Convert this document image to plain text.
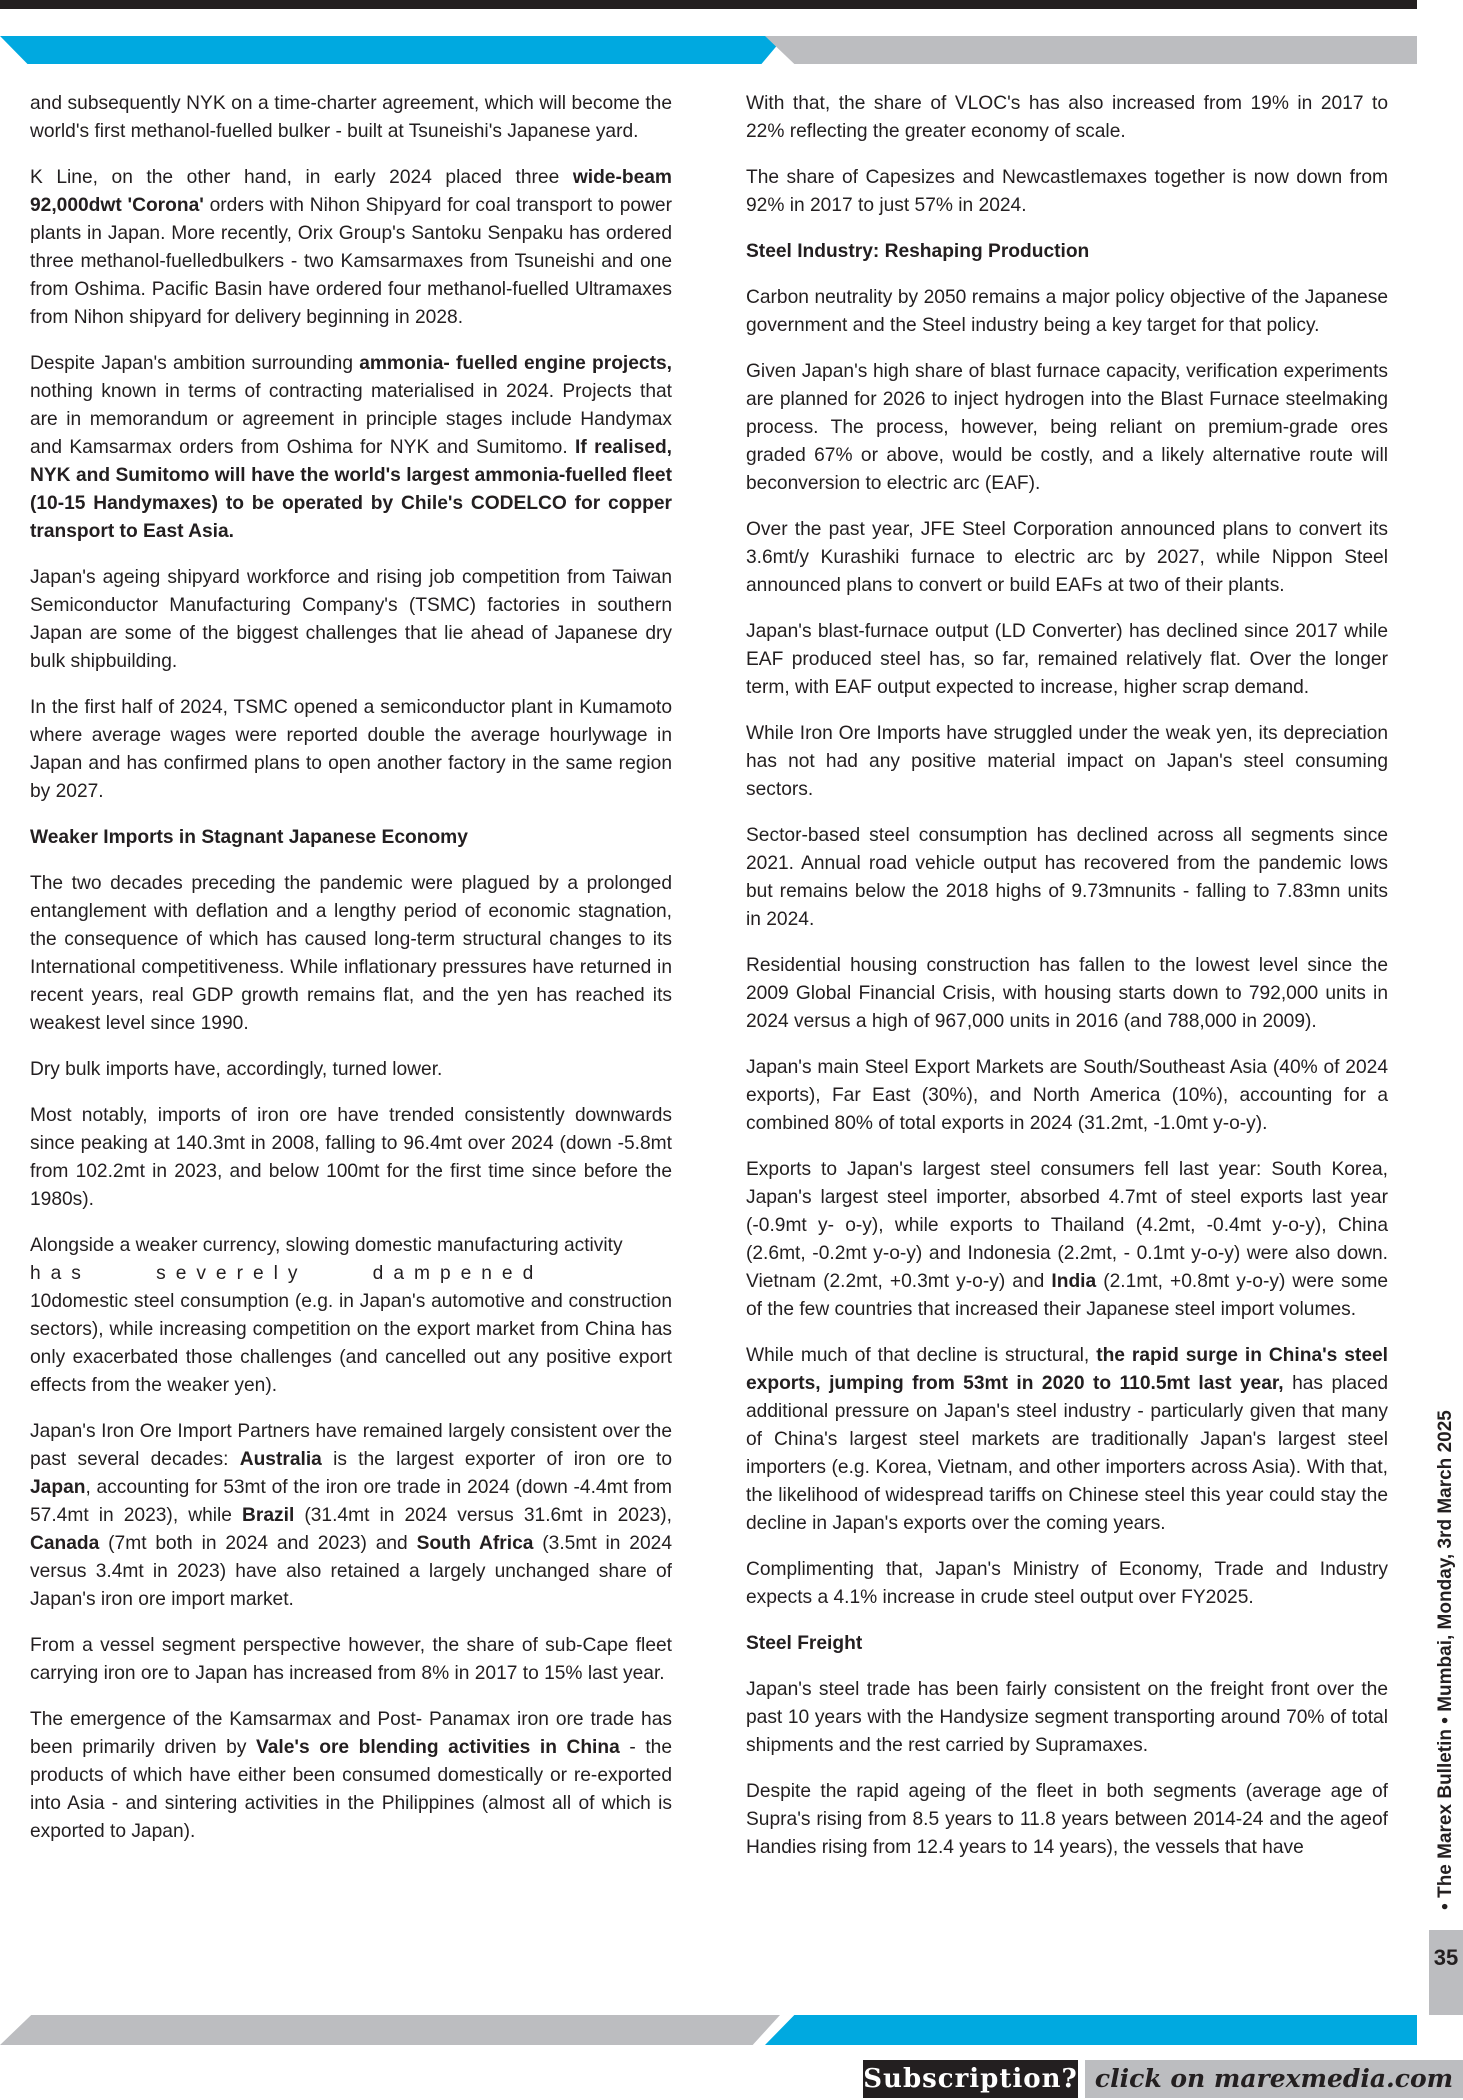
and subsequently NYK on a time-charter agreement, which will become the world's first methanol-fuelled bulker - built at Tsuneishi's Japanese yard.

K Line, on the other hand, in early 2024 placed three wide-beam 92,000dwt 'Corona' orders with Nihon Shipyard for coal transport to power plants in Japan. More recently, Orix Group's Santoku Senpaku has ordered three methanol-fuelledbulkers - two Kamsarmaxes from Tsuneishi and one from Oshima. Pacific Basin have ordered four methanol-fuelled Ultramaxes from Nihon shipyard for delivery beginning in 2028.

Despite Japan's ambition surrounding ammonia- fuelled engine projects, nothing known in terms of contracting materialised in 2024. Projects that are in memorandum or agreement in principle stages include Handymax and Kamsarmax orders from Oshima for NYK and Sumitomo. If realised, NYK and Sumitomo will have the world's largest ammonia-fuelled fleet (10-15 Handymaxes) to be operated by Chile's CODELCO for copper transport to East Asia.

Japan's ageing shipyard workforce and rising job competition from Taiwan Semiconductor Manufacturing Company's (TSMC) factories in southern Japan are some of the biggest challenges that lie ahead of Japanese dry bulk shipbuilding.

In the first half of 2024, TSMC opened a semiconductor plant in Kumamoto where average wages were reported double the average hourlywage in Japan and has confirmed plans to open another factory in the same region by 2027.

Weaker Imports in Stagnant Japanese Economy

The two decades preceding the pandemic were plagued by a prolonged entanglement with deflation and a lengthy period of economic stagnation, the consequence of which has caused long-term structural changes to its International competitiveness. While inflationary pressures have returned in recent years, real GDP growth remains flat, and the yen has reached its weakest level since 1990.

Dry bulk imports have, accordingly, turned lower.

Most notably, imports of iron ore have trended consistently downwards since peaking at 140.3mt in 2008, falling to 96.4mt over 2024 (down -5.8mt from 102.2mt in 2023, and below 100mt for the first time since before the 1980s).

Alongside a weaker currency, slowing domestic manufacturing activity
has severely dampened
10domestic steel consumption (e.g. in Japan's automotive and construction sectors), while increasing competition on the export market from China has only exacerbated those challenges (and cancelled out any positive export effects from the weaker yen).

Japan's Iron Ore Import Partners have remained largely consistent over the past several decades: Australia is the largest exporter of iron ore to Japan, accounting for 53mt of the iron ore trade in 2024 (down -4.4mt from 57.4mt in 2023), while Brazil (31.4mt in 2024 versus 31.6mt in 2023), Canada (7mt both in 2024 and 2023) and South Africa (3.5mt in 2024 versus 3.4mt in 2023) have also retained a largely unchanged share of Japan's iron ore import market.

From a vessel segment perspective however, the share of sub-Cape fleet carrying iron ore to Japan has increased from 8% in 2017 to 15% last year.

The emergence of the Kamsarmax and Post- Panamax iron ore trade has been primarily driven by Vale's ore blending activities in China - the products of which have either been consumed domestically or re-exported into Asia - and sintering activities in the Philippines (almost all of which is exported to Japan).

With that, the share of VLOC's has also increased from 19% in 2017 to 22% reflecting the greater economy of scale.

The share of Capesizes and Newcastlemaxes together is now down from 92% in 2017 to just 57% in 2024.

Steel Industry: Reshaping Production

Carbon neutrality by 2050 remains a major policy objective of the Japanese government and the Steel industry being a key target for that policy.

Given Japan's high share of blast furnace capacity, verification experiments are planned for 2026 to inject hydrogen into the Blast Furnace steelmaking process. The process, however, being reliant on premium-grade ores graded 67% or above, would be costly, and a likely alternative route will beconversion to electric arc (EAF).

Over the past year, JFE Steel Corporation announced plans to convert its 3.6mt/y Kurashiki furnace to electric arc by 2027, while Nippon Steel announced plans to convert or build EAFs at two of their plants.

Japan's blast-furnace output (LD Converter) has declined since 2017 while EAF produced steel has, so far, remained relatively flat. Over the longer term, with EAF output expected to increase, higher scrap demand.

While Iron Ore Imports have struggled under the weak yen, its depreciation has not had any positive material impact on Japan's steel consuming sectors.

Sector-based steel consumption has declined across all segments since 2021. Annual road vehicle output has recovered from the pandemic lows but remains below the 2018 highs of 9.73mnunits - falling to 7.83mn units in 2024.

Residential housing construction has fallen to the lowest level since the 2009 Global Financial Crisis, with housing starts down to 792,000 units in 2024 versus a high of 967,000 units in 2016 (and 788,000 in 2009).

Japan's main Steel Export Markets are South/Southeast Asia (40% of 2024 exports), Far East (30%), and North America (10%), accounting for a combined 80% of total exports in 2024 (31.2mt, -1.0mt y-o-y).

Exports to Japan's largest steel consumers fell last year: South Korea, Japan's largest steel importer, absorbed 4.7mt of steel exports last year (-0.9mt y- o-y), while exports to Thailand (4.2mt, -0.4mt y-o-y), China (2.6mt, -0.2mt y-o-y) and Indonesia (2.2mt, - 0.1mt y-o-y) were also down. Vietnam (2.2mt, +0.3mt y-o-y) and India (2.1mt, +0.8mt y-o-y) were some of the few countries that increased their Japanese steel import volumes.

While much of that decline is structural, the rapid surge in China's steel exports, jumping from 53mt in 2020 to 110.5mt last year, has placed additional pressure on Japan's steel industry - particularly given that many of China's largest steel markets are traditionally Japan's largest steel importers (e.g. Korea, Vietnam, and other importers across Asia). With that, the likelihood of widespread tariffs on Chinese steel this year could stay the decline in Japan's exports over the coming years.

Complimenting that, Japan's Ministry of Economy, Trade and Industry expects a 4.1% increase in crude steel output over FY2025.

Steel Freight

Japan's steel trade has been fairly consistent on the freight front over the past 10 years with the Handysize segment transporting around 70% of total shipments and the rest carried by Supramaxes.

Despite the rapid ageing of the fleet in both segments (average age of Supra's rising from 8.5 years to 11.8 years between 2014-24 and the ageof Handies rising from 12.4 years to 14 years), the vessels that have	• The Marex Bulletin • Mumbai, Monday, 3rd March 2025
35
Subscription? click on marexmedia.com
